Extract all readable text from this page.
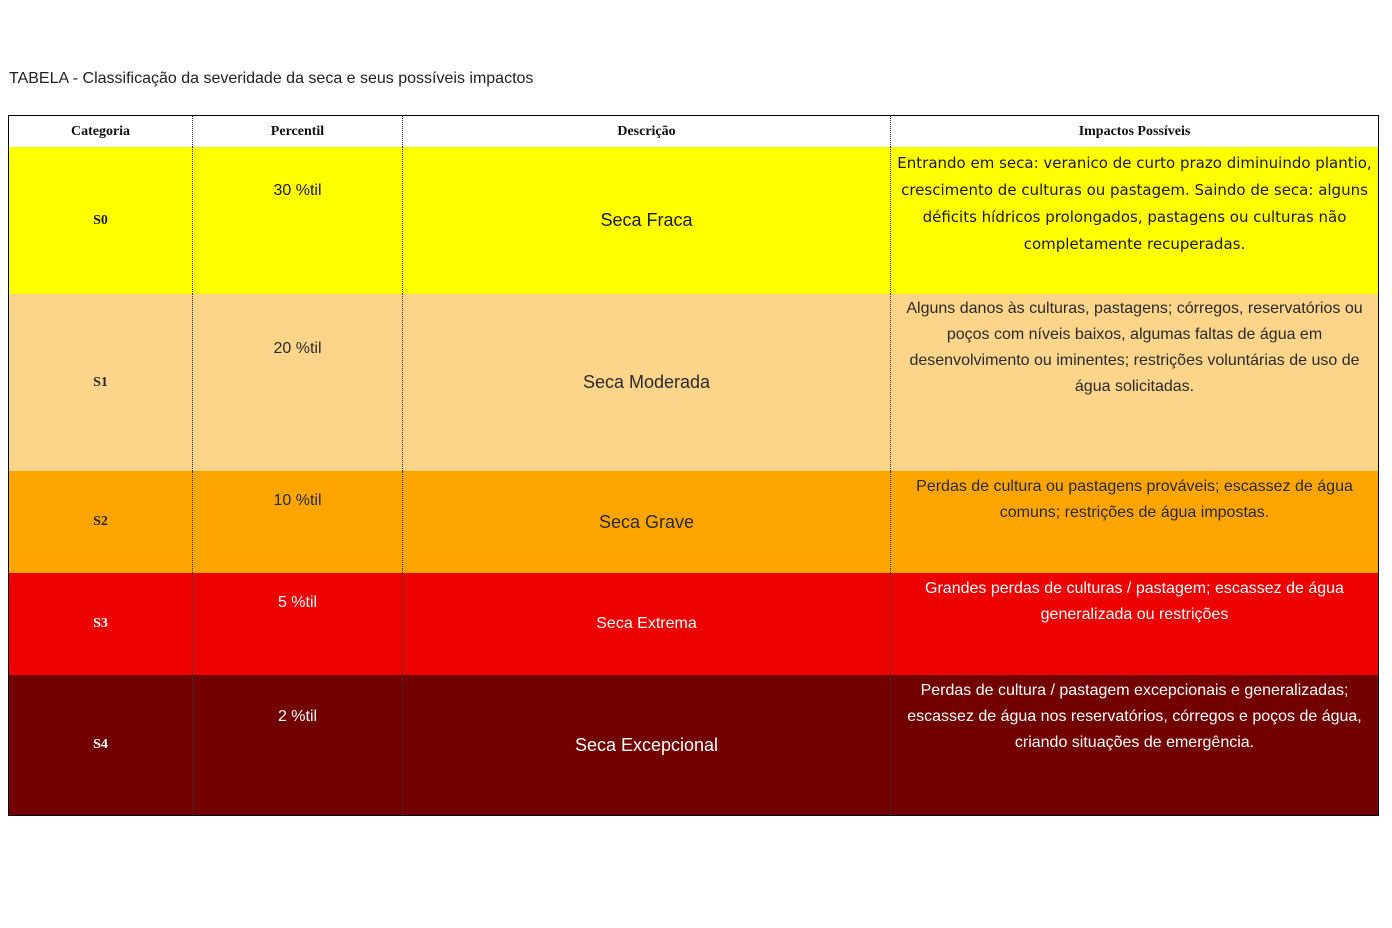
TABELA - Classificação da severidade da seca e seus possíveis impactos
Categoria	Percentil	Descrição	Impactos Possíveis
S0	30 %til	Seca Fraca	Entrando em seca: veranico de curto prazo diminuindo plantio, crescimento de culturas ou pastagem. Saindo de seca: alguns déficits hídricos prolongados, pastagens ou culturas não completamente recuperadas.
S1	20 %til	Seca Moderada	Alguns danos às culturas, pastagens; córregos, reservatórios ou poços com níveis baixos, algumas faltas de água em desenvolvimento ou iminentes; restrições voluntárias de uso de água solicitadas.
S2	10 %til	Seca Grave	Perdas de cultura ou pastagens prováveis; escassez de água comuns; restrições de água impostas.
S3	5 %til	Seca Extrema	Grandes perdas de culturas / pastagem; escassez de água generalizada ou restrições
S4	2 %til	Seca Excepcional	Perdas de cultura / pastagem excepcionais e generalizadas; escassez de água nos reservatórios, córregos e poços de água, criando situações de emergência.
